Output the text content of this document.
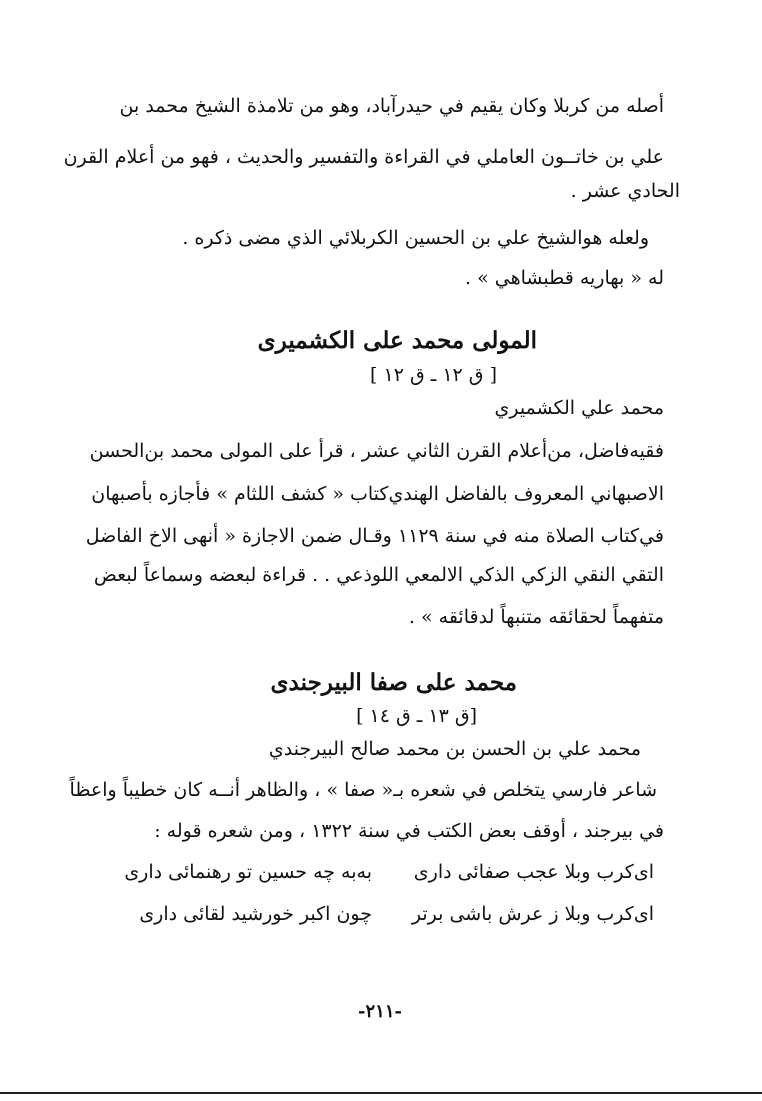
أصله من كربلا وكان يقيم في حيدرآباد، وهو من تلامذة الشيخ محمد بن
علي بن خاتــون العاملي في القراءة والتفسير والحديث ، فهو من أعلام القرن
الحادي عشر .
ولعله هوالشيخ علي بن الحسين الكربلائي الذي مضى ذكره .
له « بهاريه قطبشاهي » .
المولى محمد على الكشميرى
[ ق ١٢ ـ ق ١٢ ]
محمد علي الكشميري
فقيه‌فاضل، من‌أعلام القرن الثاني عشر ، قرأ على المولى محمد بن‌الحسن
الاصبهاني المعروف بالفاضل الهندي‌كتاب « كشف اللثام » فأجازه بأصبهان
في‌كتاب الصلاة منه في سنة ١١٢٩ وقـال ضمن الاجازة « أنهى الاخ الفاضل
التقي النقي الزكي الذكي الالمعي اللوذعي . . قراءة لبعضه وسماعاً لبعض
متفهماً لحقائقه متنبهاً لدقائقه » .
محمد على صفا البيرجندى
[ق ١٣ ـ ق ١٤ ]
محمد علي بن الحسن بن محمد صالح البيرجندي
شاعر فارسي يتخلص في شعره بـ« صفا » ، والظاهر أنــه كان خطيباً واعظاً
في بيرجند ، أوقف بعض الكتب في سنة ١٣٢٢ ، ومن شعره قوله :
ای‌کرب وبلا عجب صفائی داری
به‌به چه حسین تو رهنمائی داری
ای‌کرب وبلا ز عرش باشی برتر
چون اکبر خورشید لقائی داری
-٢١١-
